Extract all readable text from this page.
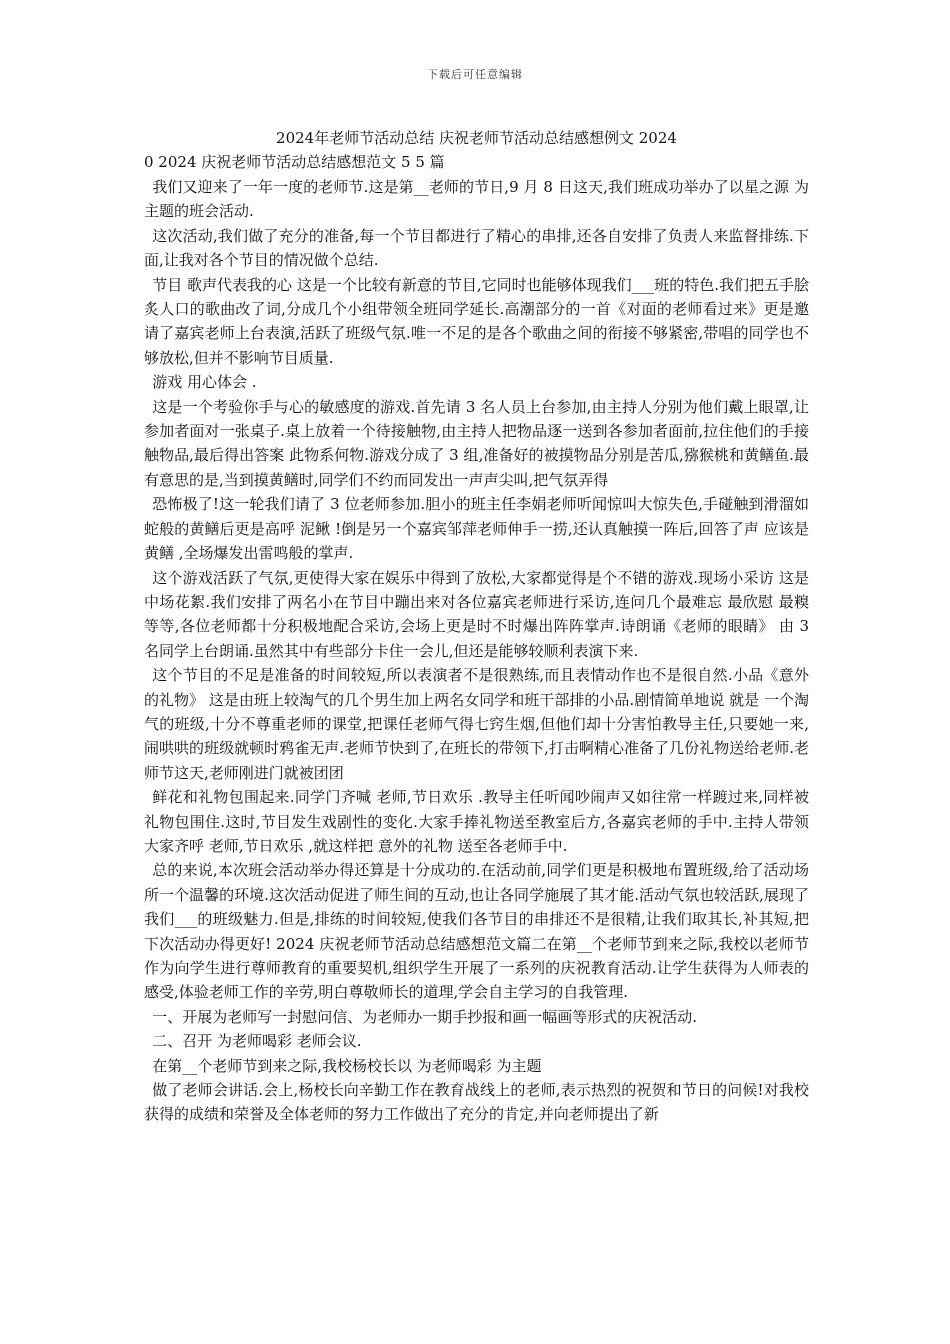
下载后可任意编辑

2024年老师节活动总结 庆祝老师节活动总结感想例文 2024

0 2024 庆祝老师节活动总结感想范文 5 5 篇

我们又迎来了一年一度的老师节.这是第__老师的节日,9 月 8 日这天,我们班成功举办了以星之源 为主题的班会活动.

这次活动,我们做了充分的准备,每一个节目都进行了精心的串排,还各自安排了负责人来监督排练.下面,让我对各个节目的情况做个总结.

节目 歌声代表我的心 这是一个比较有新意的节目,它同时也能够体现我们___班的特色.我们把五手脍炙人口的歌曲改了词,分成几个小组带领全班同学延长.高潮部分的一首《对面的老师看过来》更是邀请了嘉宾老师上台表演,活跃了班级气氛.唯一不足的是各个歌曲之间的衔接不够紧密,带唱的同学也不够放松,但并不影响节目质量.

游戏 用心体会 .

这是一个考验你手与心的敏感度的游戏.首先请 3 名人员上台参加,由主持人分别为他们戴上眼罩,让参加者面对一张桌子.桌上放着一个待接触物,由主持人把物品逐一送到各参加者面前,拉住他们的手接触物品,最后得出答案 此物系何物.游戏分成了 3 组,准备好的被摸物品分别是苦瓜,猕猴桃和黄鳝鱼.最有意思的是,当到摸黄鳝时,同学们不约而同发出一声声尖叫,把气氛弄得

恐怖极了!这一轮我们请了 3 位老师参加.胆小的班主任李娟老师听闻惊叫大惊失色,手碰触到滑溜如蛇般的黄鳝后更是高呼 泥鳅 !倒是另一个嘉宾邹萍老师伸手一捞,还认真触摸一阵后,回答了声 应该是黄鳝 ,全场爆发出雷鸣般的掌声.

这个游戏活跃了气氛,更使得大家在娱乐中得到了放松,大家都觉得是个不错的游戏.现场小采访 这是中场花絮.我们安排了两名小在节目中蹦出来对各位嘉宾老师进行采访,连问几个最难忘 最欣慰 最糗 等等,各位老师都十分积极地配合采访,会场上更是时不时爆出阵阵掌声.诗朗诵《老师的眼睛》 由 3 名同学上台朗诵.虽然其中有些部分卡住一会儿,但还是能够较顺利表演下来.

这个节目的不足是准备的时间较短,所以表演者不是很熟练,而且表情动作也不是很自然.小品《意外的礼物》 这是由班上较淘气的几个男生加上两名女同学和班干部排的小品.剧情简单地说 就是 一个淘气的班级,十分不尊重老师的课堂,把课任老师气得七窍生烟,但他们却十分害怕教导主任,只要她一来,闹哄哄的班级就顿时鸦雀无声.老师节快到了,在班长的带领下,打击啊精心准备了几份礼物送给老师.老师节这天,老师刚进门就被团团

鲜花和礼物包围起来.同学门齐喊 老师,节日欢乐 .教导主任听闻吵闹声又如往常一样踱过来,同样被礼物包围住.这时,节目发生戏剧性的变化.大家手捧礼物送至教室后方,各嘉宾老师的手中.主持人带领大家齐呼 老师,节日欢乐 ,就这样把 意外的礼物 送至各老师手中.

总的来说,本次班会活动举办得还算是十分成功的.在活动前,同学们更是积极地布置班级,给了活动场所一个温馨的环境.这次活动促进了师生间的互动,也让各同学施展了其才能.活动气氛也较活跃,展现了我们___的班级魅力.但是,排练的时间较短,使我们各节目的串排还不是很精,让我们取其长,补其短,把下次活动办得更好! 2024 庆祝老师节活动总结感想范文篇二在第__个老师节到来之际,我校以老师节作为向学生进行尊师教育的重要契机,组织学生开展了一系列的庆祝教育活动.让学生获得为人师表的感受,体验老师工作的辛劳,明白尊敬师长的道理,学会自主学习的自我管理.

一、开展为老师写一封慰问信、为老师办一期手抄报和画一幅画等形式的庆祝活动.

二、召开 为老师喝彩 老师会议.

在第__个老师节到来之际,我校杨校长以 为老师喝彩 为主题

做了老师会讲话.会上,杨校长向辛勤工作在教育战线上的老师,表示热烈的祝贺和节日的问候!对我校获得的成绩和荣誉及全体老师的努力工作做出了充分的肯定,并向老师提出了新
